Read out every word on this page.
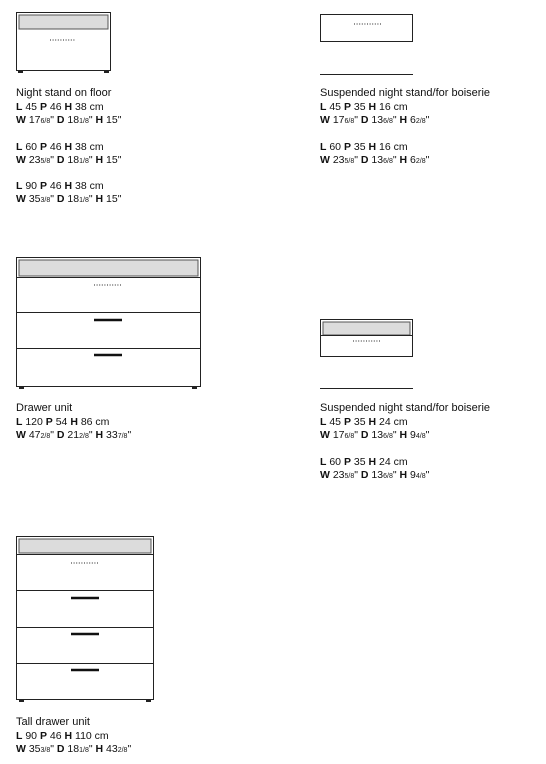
Night stand on floor
L 45 P 46 H 38 cm
W 176/8" D 181/8" H 15"
L 60 P 46 H 38 cm
W 235/8" D 181/8" H 15"
L 90 P 46 H 38 cm
W 353/8" D 181/8" H 15"
Suspended night stand/for boiserie
L 45 P 35 H 16 cm
W 176/8" D 136/8" H 62/8"
L 60 P 35 H 16 cm
W 235/8" D 136/8" H 62/8"
Drawer unit
L 120 P 54 H 86 cm
W 472/8" D 212/8" H 337/8"
Suspended night stand/for boiserie
L 45 P 35 H 24 cm
W 176/8" D 136/8" H 94/8"
L 60 P 35 H 24 cm
W 235/8" D 136/8" H 94/8"
Tall drawer unit
L 90 P 46 H 110 cm
W 353/8" D 181/8" H 432/8"
